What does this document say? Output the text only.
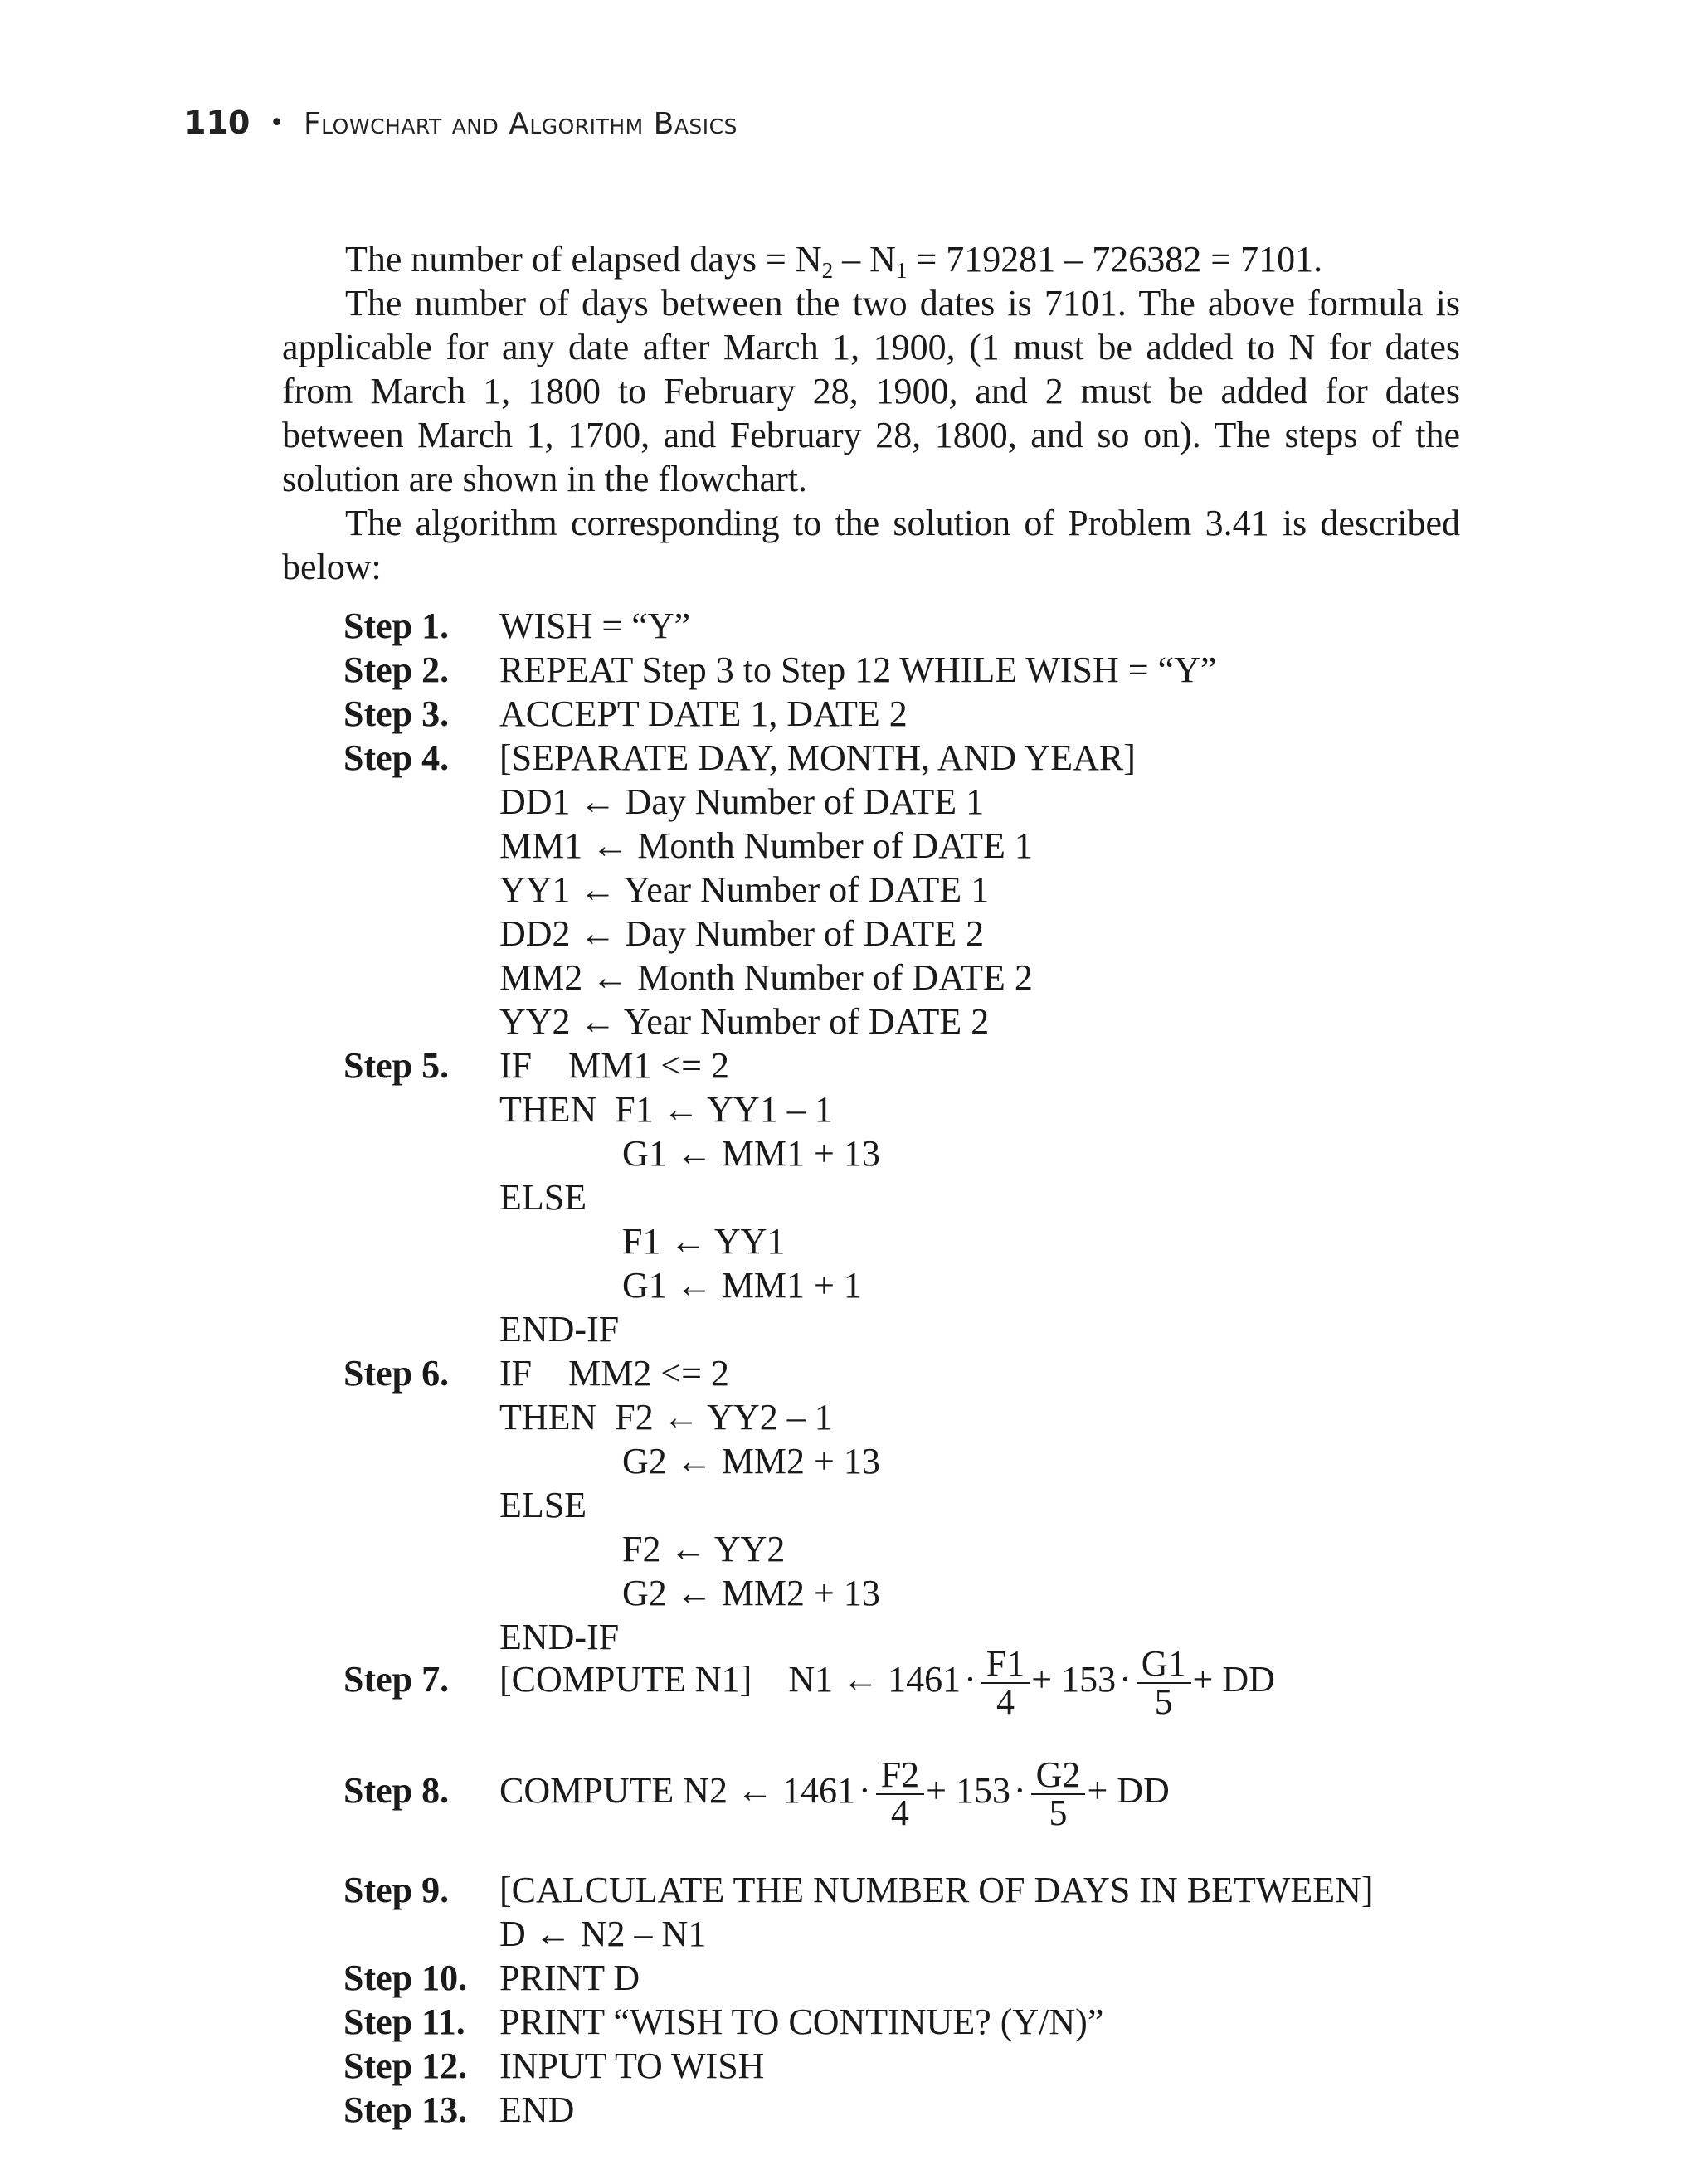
110 • Flowchart and Algorithm Basics

The number of elapsed days = $N_2 - N_1 = 719281 - 726382 = 7101$.

The number of days between the two dates is 7101. The above formula is applicable for any date after March 1, 1900, (1 must be added to N for dates from March 1, 1800 to February 28, 1900, and 2 must be added for dates between March 1, 1700, and February 28, 1800, and so on). The steps of the solution are shown in the flowchart.

The algorithm corresponding to the solution of Problem 3.41 is described below:

Step 1. WISH = “Y”
Step 2. REPEAT Step 3 to Step 12 WHILE WISH = “Y”
Step 3. ACCEPT DATE 1, DATE 2
Step 4. [SEPARATE DAY, MONTH, AND YEAR]
DD1 ← Day Number of DATE 1
MM1 ← Month Number of DATE 1
YY1 ← Year Number of DATE 1
DD2 ← Day Number of DATE 2
MM2 ← Month Number of DATE 2
YY2 ← Year Number of DATE 2
Step 5. IF    MM1 <= 2
THEN  F1 ← YY1 – 1
G1 ← MM1 + 13
ELSE
F1 ← YY1
G1 ← MM1 + 1
END-IF
Step 6. IF    MM2 <= 2
THEN  F2 ← YY2 – 1
G2 ← MM2 + 13
ELSE
F2 ← YY2
G2 ← MM2 + 13
END-IF
Step 7. [COMPUTE N1] N1 ← $1461\cdot \frac{F1}{4} + 153\cdot \frac{G1}{5}$ + DD
Step 8. COMPUTE N2 ← $1461\cdot \frac{F2}{4} + 153\cdot \frac{G2}{5}$ + DD
Step 9. [CALCULATE THE NUMBER OF DAYS IN BETWEEN]
D ← N2 – N1
Step 10. PRINT D
Step 11. PRINT “WISH TO CONTINUE? (Y/N)”
Step 12. INPUT TO WISH
Step 13. END
